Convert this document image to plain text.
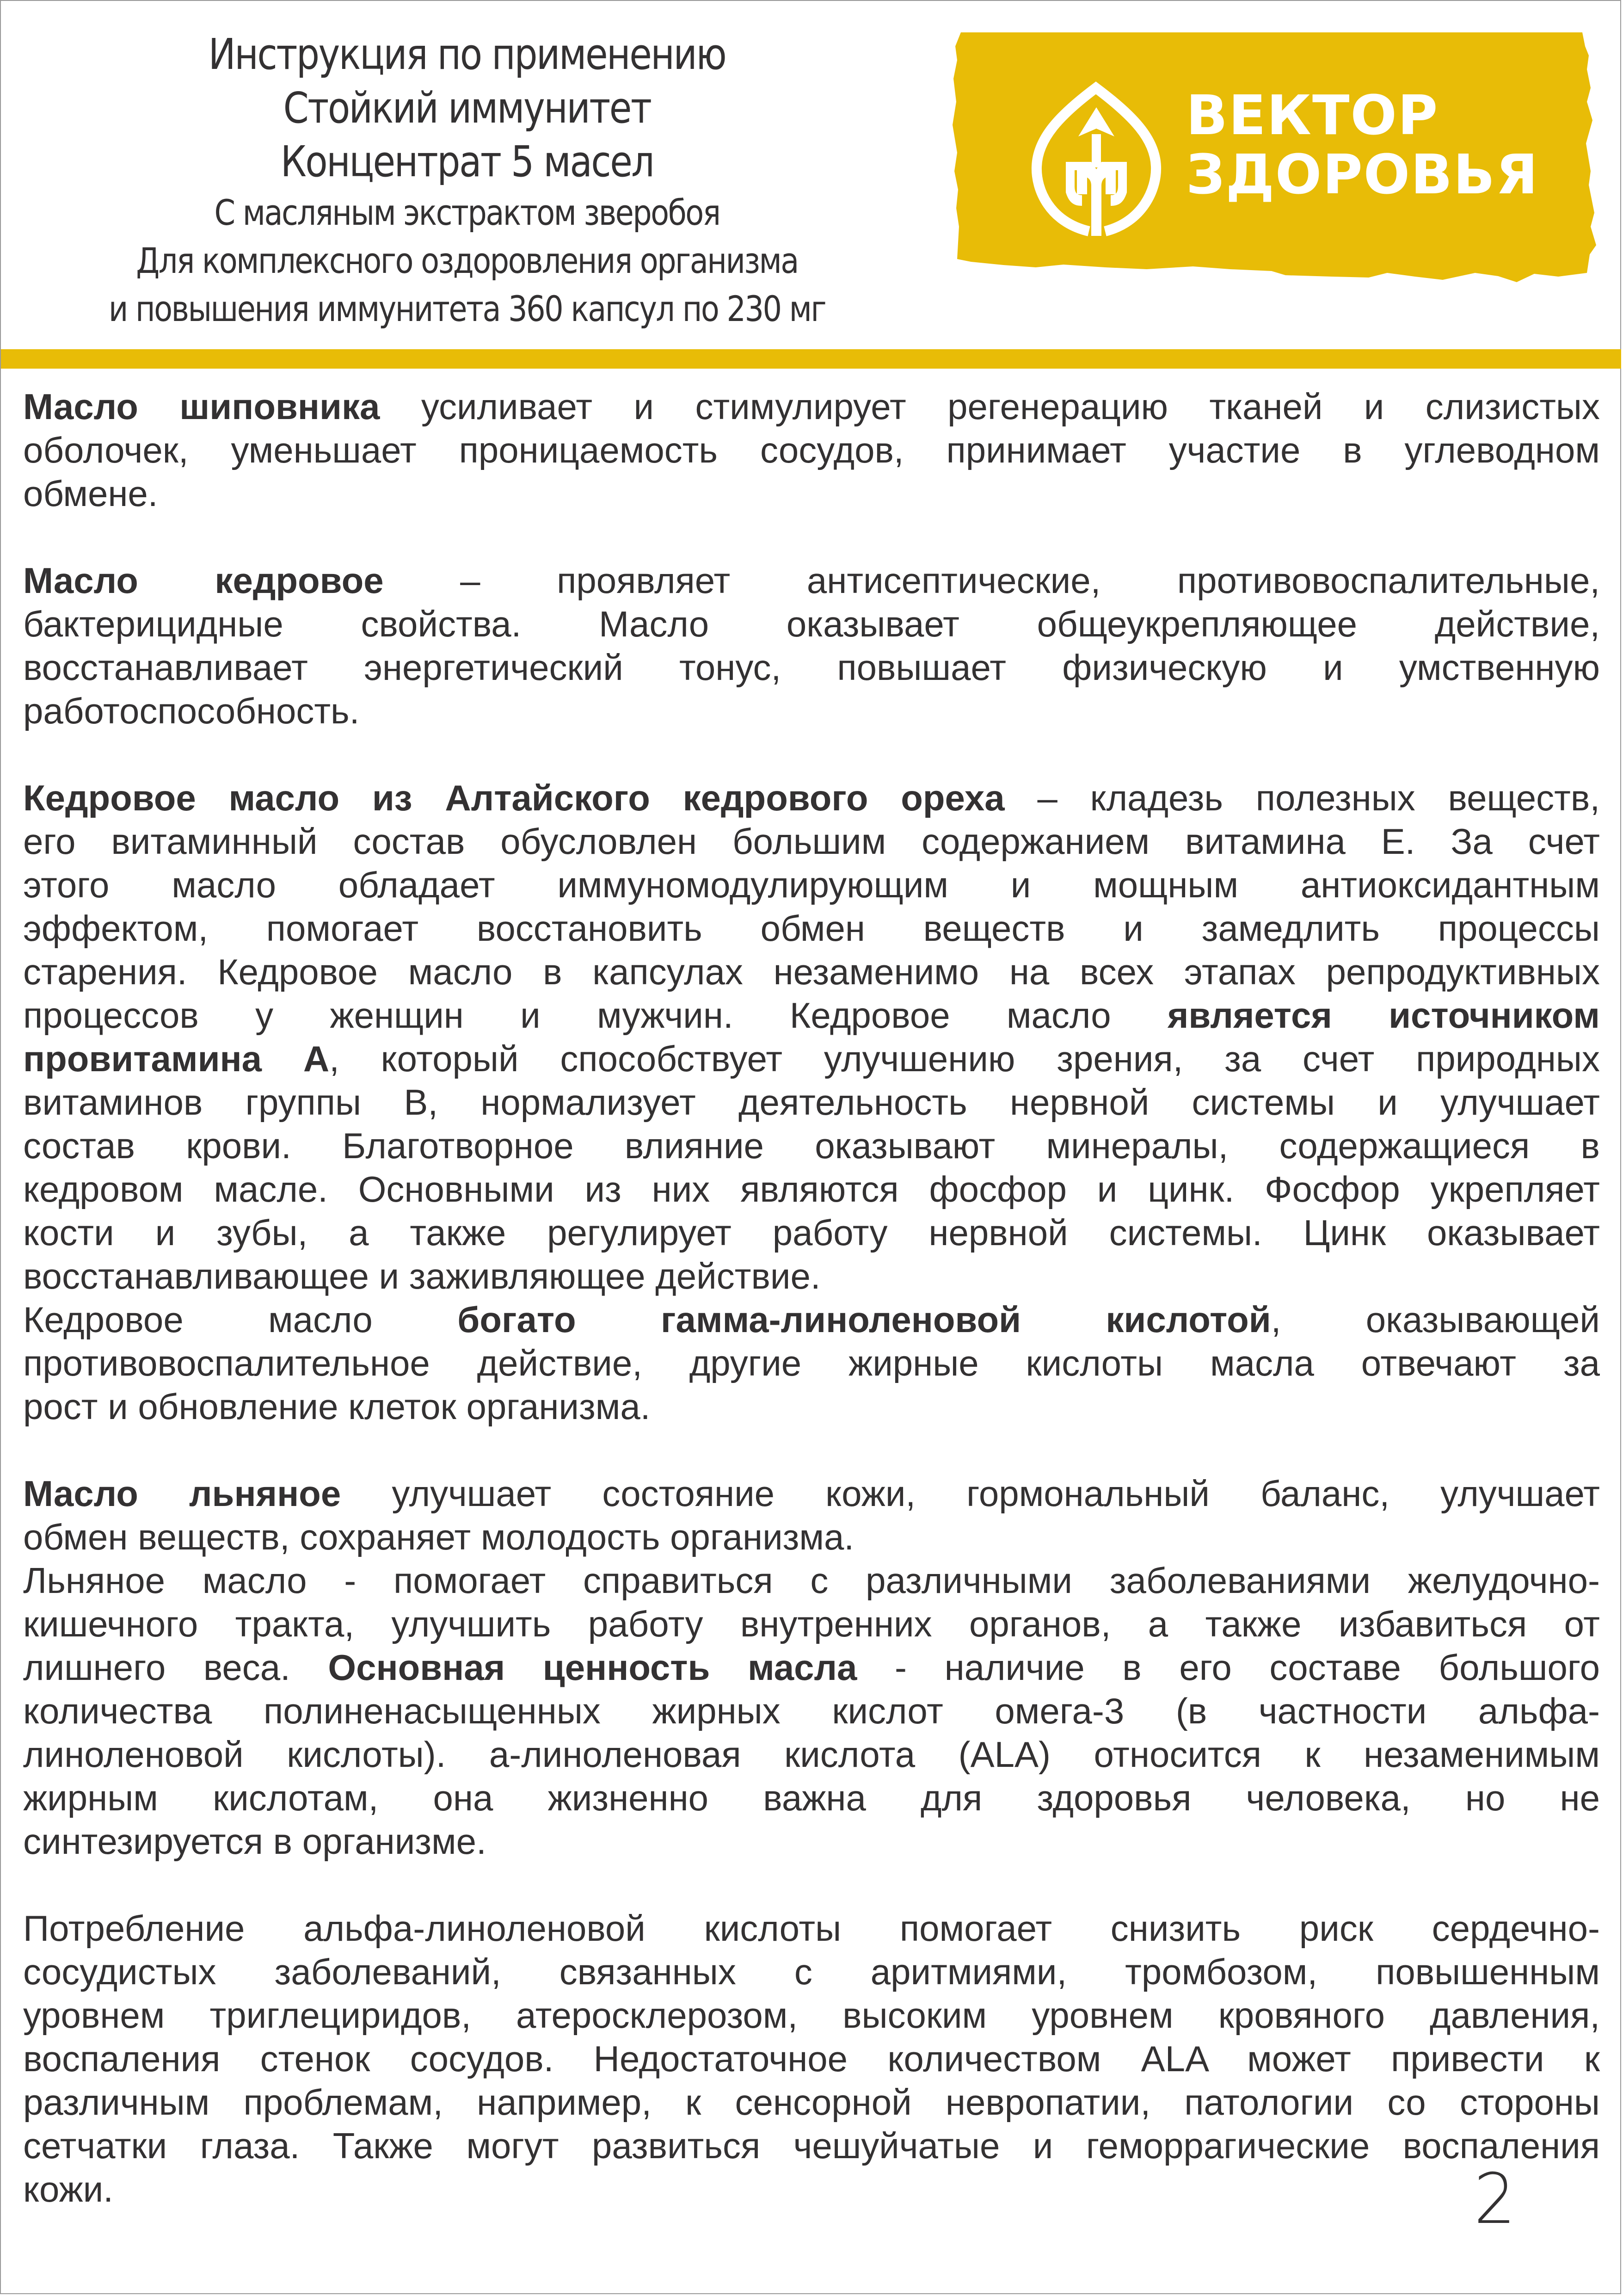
Инструкция по применению
Стойкий иммунитет
Концентрат 5 масел
С масляным экстрактом зверобоя
Для комплексного оздоровления организма
и повышения иммунитета 360 капсул по 230 мг
ВЕКТОР
ЗДОРОВЬЯ
Масло шиповника усиливает и стимулирует регенерацию тканей и слизистых
оболочек, уменьшает проницаемость сосудов, принимает участие в углеводном
обмене.
Масло кедровое – проявляет антисептические, противовоспалительные,
бактерицидные свойства. Масло оказывает общеукрепляющее действие,
восстанавливает энергетический тонус, повышает физическую и умственную
работоспособность.
Кедровое масло из Алтайского кедрового ореха – кладезь полезных веществ,
его витаминный состав обусловлен большим содержанием витамина Е. За счет
этого масло обладает иммуномодулирующим и мощным антиоксидантным
эффектом, помогает восстановить обмен веществ и замедлить процессы
старения. Кедровое масло в капсулах незаменимо на всех этапах репродуктивных
процессов у женщин и мужчин. Кедровое масло является источником
провитамина А, который способствует улучшению зрения, за счет природных
витаминов группы В, нормализует деятельность нервной системы и улучшает
состав крови. Благотворное влияние оказывают минералы, содержащиеся в
кедровом масле. Основными из них являются фосфор и цинк. Фосфор укрепляет
кости и зубы, а также регулирует работу нервной системы. Цинк оказывает
восстанавливающее и заживляющее действие.
Кедровое масло богато гамма-линоленовой кислотой, оказывающей
противовоспалительное действие, другие жирные кислоты масла отвечают за
рост и обновление клеток организма.
Масло льняное улучшает состояние кожи, гормональный баланс, улучшает
обмен веществ, сохраняет молодость организма.
Льняное масло - помогает справиться с различными заболеваниями желудочно-
кишечного тракта, улучшить работу внутренних органов, а также избавиться от
лишнего веса. Основная ценность масла - наличие в его составе большого
количества полиненасыщенных жирных кислот омега-3 (в частности альфа-
линоленовой кислоты). а-линоленовая кислота (ALA) относится к незаменимым
жирным кислотам, она жизненно важна для здоровья человека, но не
синтезируется в организме.
Потребление альфа-линоленовой кислоты помогает снизить риск сердечно-
сосудистых заболеваний, связанных с аритмиями, тромбозом, повышенным
уровнем триглециридов, атеросклерозом, высоким уровнем кровяного давления,
воспаления стенок сосудов. Недостаточное количеством ALA может привести к
различным проблемам, например, к сенсорной невропатии, патологии со стороны
сетчатки глаза. Также могут развиться чешуйчатые и геморрагические воспаления
кожи.	2
